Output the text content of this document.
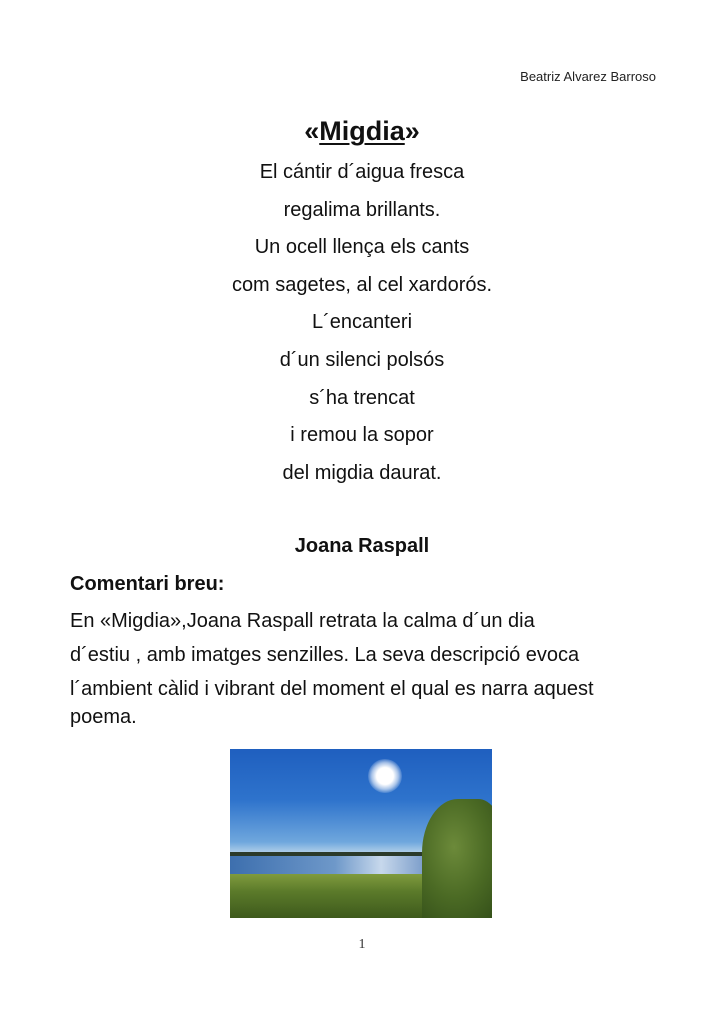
Beatriz Alvarez Barroso
«Migdia»
El cántir d´aigua fresca
regalima brillants.
Un ocell llença els cants
com sagetes, al cel xardorós.
L´encanteri
d´un silenci polsós
s´ha trencat
i remou la sopor
del migdia daurat.
Joana Raspall
Comentari breu:
En «Migdia»,Joana Raspall retrata la calma d´un dia
d´estiu , amb imatges senzilles. La seva descripció evoca
l´ambient càlid i vibrant del moment el qual es narra aquest
poema.
1
